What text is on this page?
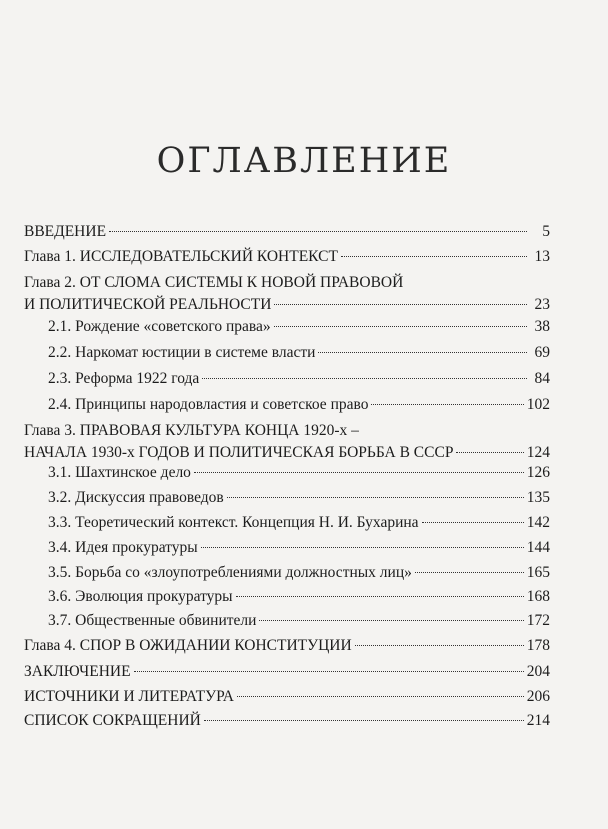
ОГЛАВЛЕНИЕ
ВВЕДЕНИЕ	5
Глава 1. ИССЛЕДОВАТЕЛЬСКИЙ КОНТЕКСТ	13
Глава 2. ОТ СЛОМА СИСТЕМЫ К НОВОЙ ПРАВОВОЙ
И ПОЛИТИЧЕСКОЙ РЕАЛЬНОСТИ	23
2.1. Рождение «советского права»	38
2.2. Наркомат юстиции в системе власти	69
2.3. Реформа 1922 года	84
2.4. Принципы народовластия и советское право	102
Глава 3. ПРАВОВАЯ КУЛЬТУРА КОНЦА 1920-х –
НАЧАЛА 1930-х ГОДОВ И ПОЛИТИЧЕСКАЯ БОРЬБА В СССР	124
3.1. Шахтинское дело	126
3.2. Дискуссия правоведов	135
3.3. Теоретический контекст. Концепция Н. И. Бухарина	142
3.4. Идея прокуратуры	144
3.5. Борьба со «злоупотреблениями должностных лиц»	165
3.6. Эволюция прокуратуры	168
3.7. Общественные обвинители	172
Глава 4. СПОР В ОЖИДАНИИ КОНСТИТУЦИИ	178
ЗАКЛЮЧЕНИЕ	204
ИСТОЧНИКИ И ЛИТЕРАТУРА	206
СПИСОК СОКРАЩЕНИЙ	214
